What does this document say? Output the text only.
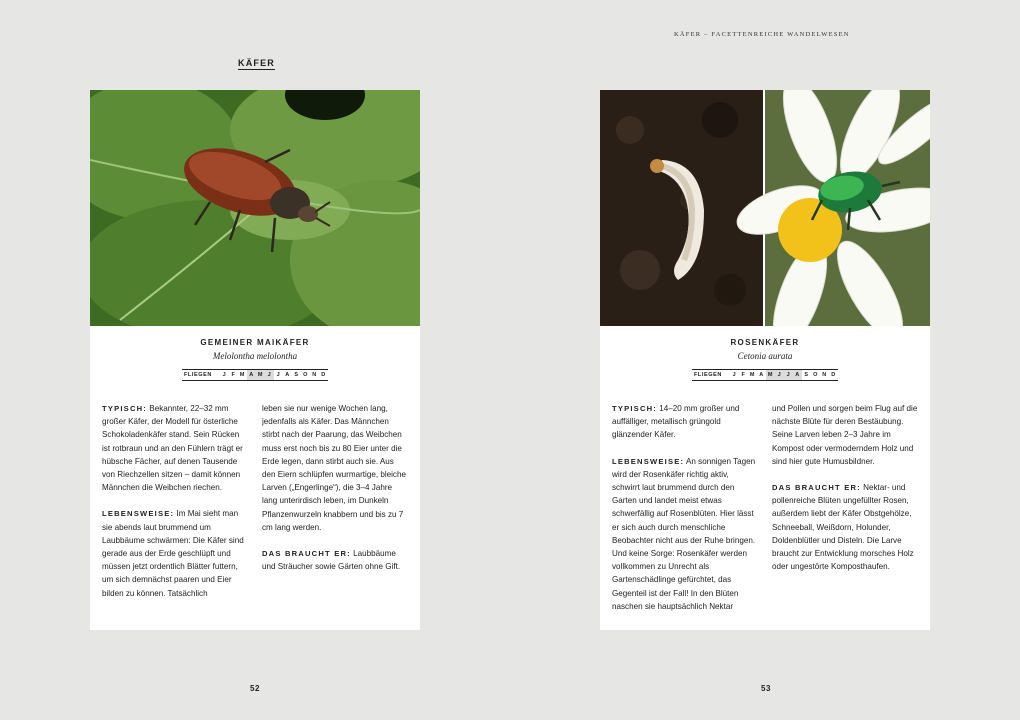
KÄFER
GEMEINER MAIKÄFER
Melolontha melolontha
FLIEGEN	J F M A M J J A S O N D

TYPISCH: Bekannter, 22–32 mm großer Käfer, der Modell für österliche Schokoladenkäfer stand. Sein Rücken ist rotbraun und an den Fühlern trägt er hübsche Fächer, auf denen Tausende von Riechzellen sitzen – damit können Männchen die Weibchen riechen.

LEBENSWEISE: Im Mai sieht man sie abends laut brummend um Laubbäume schwärmen: Die Käfer sind gerade aus der Erde geschlüpft und müssen jetzt ordentlich Blätter futtern, um sich demnächst paaren und Eier bilden zu können. Tatsächlich

leben sie nur wenige Wochen lang, jedenfalls als Käfer. Das Männchen stirbt nach der Paarung, das Weibchen muss erst noch bis zu 80 Eier unter die Erde legen, dann stirbt auch sie. Aus den Eiern schlüpfen wurmartige, bleiche Larven („Engerlinge“), die 3–4 Jahre lang unterirdisch leben, im Dunkeln Pflanzenwurzeln knabbern und bis zu 7 cm lang werden.

DAS BRAUCHT ER: Laubbäume und Sträucher sowie Gärten ohne Gift.

52
KÄFER – FACETTENREICHE WANDELWESEN
ROSENKÄFER
Cetonia aurata
FLIEGEN	J F M A M J J A S O N D

TYPISCH: 14–20 mm großer und auffälliger, metallisch grüngold glänzender Käfer.

LEBENSWEISE: An sonnigen Tagen wird der Rosenkäfer richtig aktiv, schwirrt laut brummend durch den Garten und landet meist etwas schwerfällig auf Rosenblüten. Hier lässt er sich auch durch menschliche Beobachter nicht aus der Ruhe bringen. Und keine Sorge: Rosenkäfer werden vollkommen zu Unrecht als Gartenschädlinge gefürchtet, das Gegenteil ist der Fall! In den Blüten naschen sie hauptsächlich Nektar

und Pollen und sorgen beim Flug auf die nächste Blüte für deren Bestäubung. Seine Larven leben 2–3 Jahre im Kompost oder vermoderndem Holz und sind hier gute Humusbildner.

DAS BRAUCHT ER: Nektar- und pollenreiche Blüten ungefüllter Rosen, außerdem liebt der Käfer Obstgehölze, Schneeball, Weißdorn, Holunder, Doldenblütler und Disteln. Die Larve braucht zur Entwicklung morsches Holz oder ungestörte Komposthaufen.

53
